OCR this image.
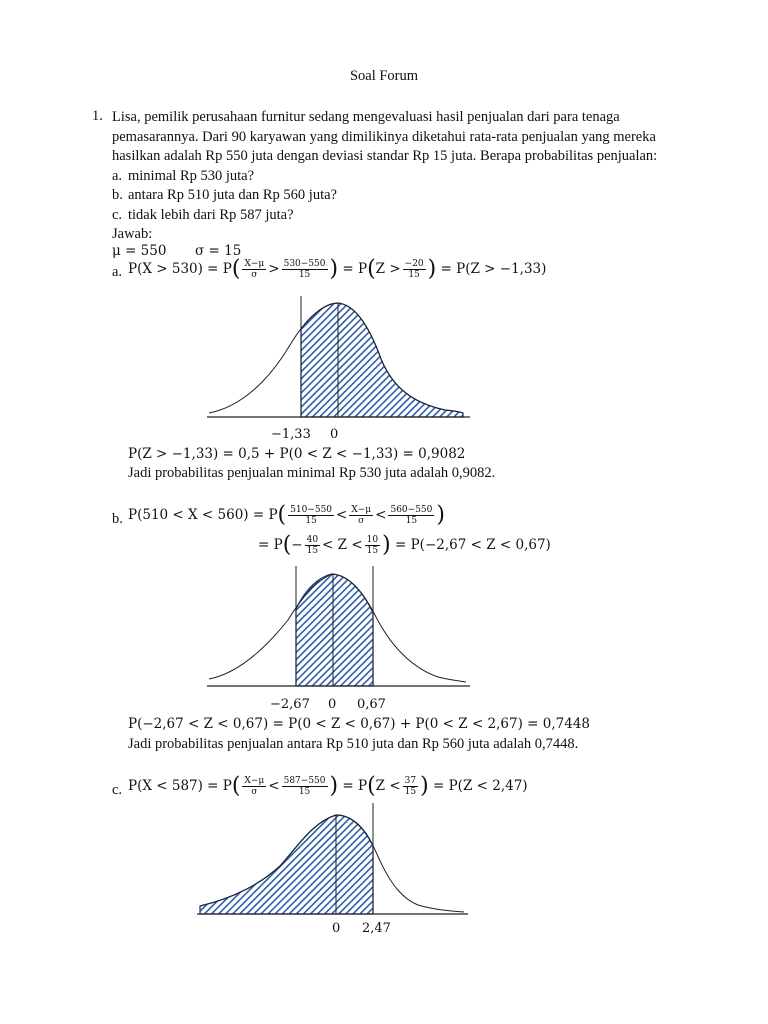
Soal Forum
1. Lisa, pemilik perusahaan furnitur sedang mengevaluasi hasil penjualan dari para tenaga
pemasarannya. Dari 90 karyawan yang dimilikinya diketahui rata-rata penjualan yang mereka
hasilkan adalah Rp 550 juta dengan deviasi standar Rp 15 juta. Berapa probabilitas penjualan:
a. minimal Rp 530 juta?
b. antara Rp 510 juta dan Rp 560 juta?
c. tidak lebih dari Rp 587 juta?
Jawab:
μ = 550 σ = 15
a. $P(X > 530) = P( \frac{X-\mu}{\sigma} > \frac{530-550}{15}$ ) = $P(Z > \frac{-20}{15}$ ) = P(Z > −1,33)
−1,33 0
P(Z > −1,33) = 0,5 + P(0 < Z < −1,33) = 0,9082
Jadi probabilitas penjualan minimal Rp 530 juta adalah 0,9082.
b. $P(510 < X < 560) = P( \frac{510-550}{15} < \frac{X-\mu}{\sigma} < \frac{560-550}{15}$ )
= $P(- \frac{40}{15} < Z < \frac{10}{15}$ ) = P(−2,67 < Z < 0,67)
−2,67 0 0,67
P(−2,67 < Z < 0,67) = P(0 < Z < 0,67) + P(0 < Z < 2,67) = 0,7448
Jadi probabilitas penjualan antara Rp 510 juta dan Rp 560 juta adalah 0,7448.
c. $P(X < 587) = P( \frac{X-\mu}{\sigma} < \frac{587-550}{15}$ ) = $P(Z < \frac{37}{15}$ ) = P(Z < 2,47)
0 2,47
